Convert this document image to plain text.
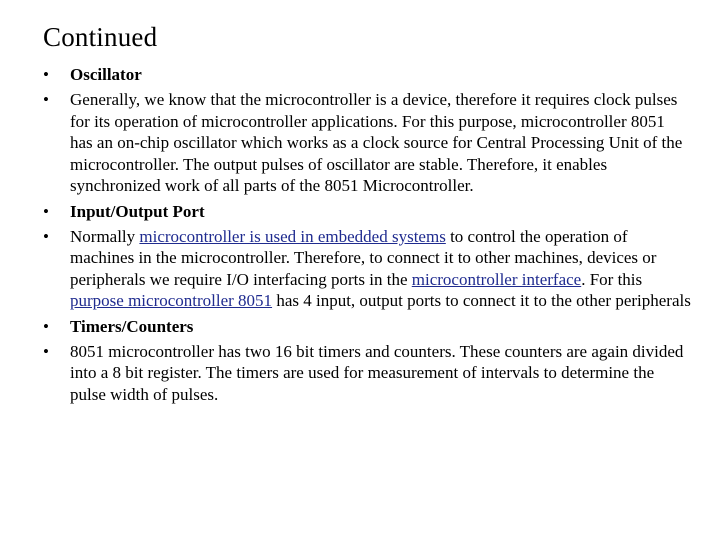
Continued
• Oscillator
• Generally, we know that the microcontroller is a device, therefore it requires clock pulses for its operation of microcontroller applications. For this purpose, microcontroller 8051 has an on-chip oscillator which works as a clock source for Central Processing Unit of the microcontroller. The output pulses of oscillator are stable. Therefore, it enables synchronized work of all parts of the 8051 Microcontroller.
• Input/Output Port
• Normally microcontroller is used in embedded systems to control the operation of machines in the microcontroller. Therefore, to connect it to other machines, devices or peripherals we require I/O interfacing ports in the microcontroller interface. For this purpose microcontroller 8051 has 4 input, output ports to connect it to the other peripherals
• Timers/Counters
• 8051 microcontroller has two 16 bit timers and counters. These counters are again divided into a 8 bit register. The timers are used for measurement of intervals to determine the pulse width of pulses.
